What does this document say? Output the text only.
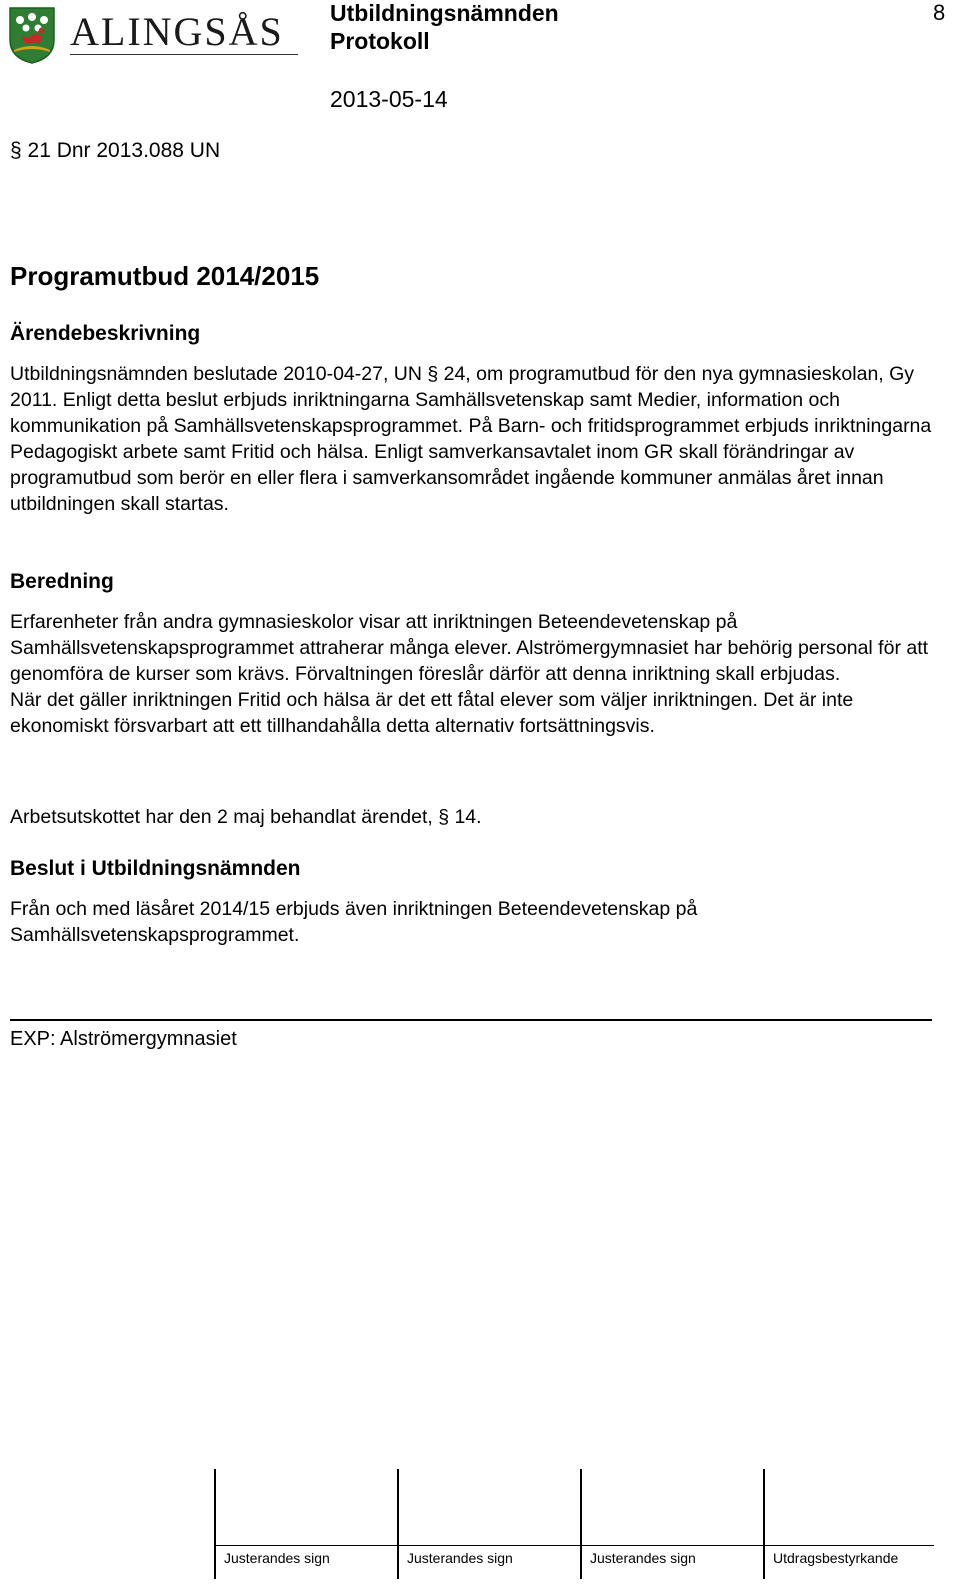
ALINGSÅS Utbildningsnämnden
Protokoll
8
2013-05-14
§ 21 Dnr 2013.088 UN
Programutbud 2014/2015
Ärendebeskrivning

Utbildningsnämnden beslutade 2010-04-27, UN § 24, om programutbud för den nya gymnasieskolan, Gy 2011. Enligt detta beslut erbjuds inriktningarna Samhällsvetenskap samt Medier, information och kommunikation på Samhällsvetenskapsprogrammet. På Barn- och fritidsprogrammet erbjuds inriktningarna Pedagogiskt arbete samt Fritid och hälsa. Enligt samverkansavtalet inom GR skall förändringar av programutbud som berör en eller flera i samverkansområdet ingående kommuner anmälas året innan utbildningen skall startas.

Beredning

Erfarenheter från andra gymnasieskolor visar att inriktningen Beteendevetenskap på Samhällsvetenskapsprogrammet attraherar många elever. Alströmergymnasiet har behörig personal för att genomföra de kurser som krävs. Förvaltningen föreslår därför att denna inriktning skall erbjudas.

När det gäller inriktningen Fritid och hälsa är det ett fåtal elever som väljer inriktningen. Det är inte ekonomiskt försvarbart att ett tillhandahålla detta alternativ fortsättningsvis.

Arbetsutskottet har den 2 maj behandlat ärendet, § 14.
Beslut i Utbildningsnämnden

Från och med läsåret 2014/15 erbjuds även inriktningen Beteendevetenskap på Samhällsvetenskapsprogrammet.

EXP: Alströmergymnasiet
Justerandes sign	Justerandes sign	Justerandes sign	Utdragsbestyrkande
